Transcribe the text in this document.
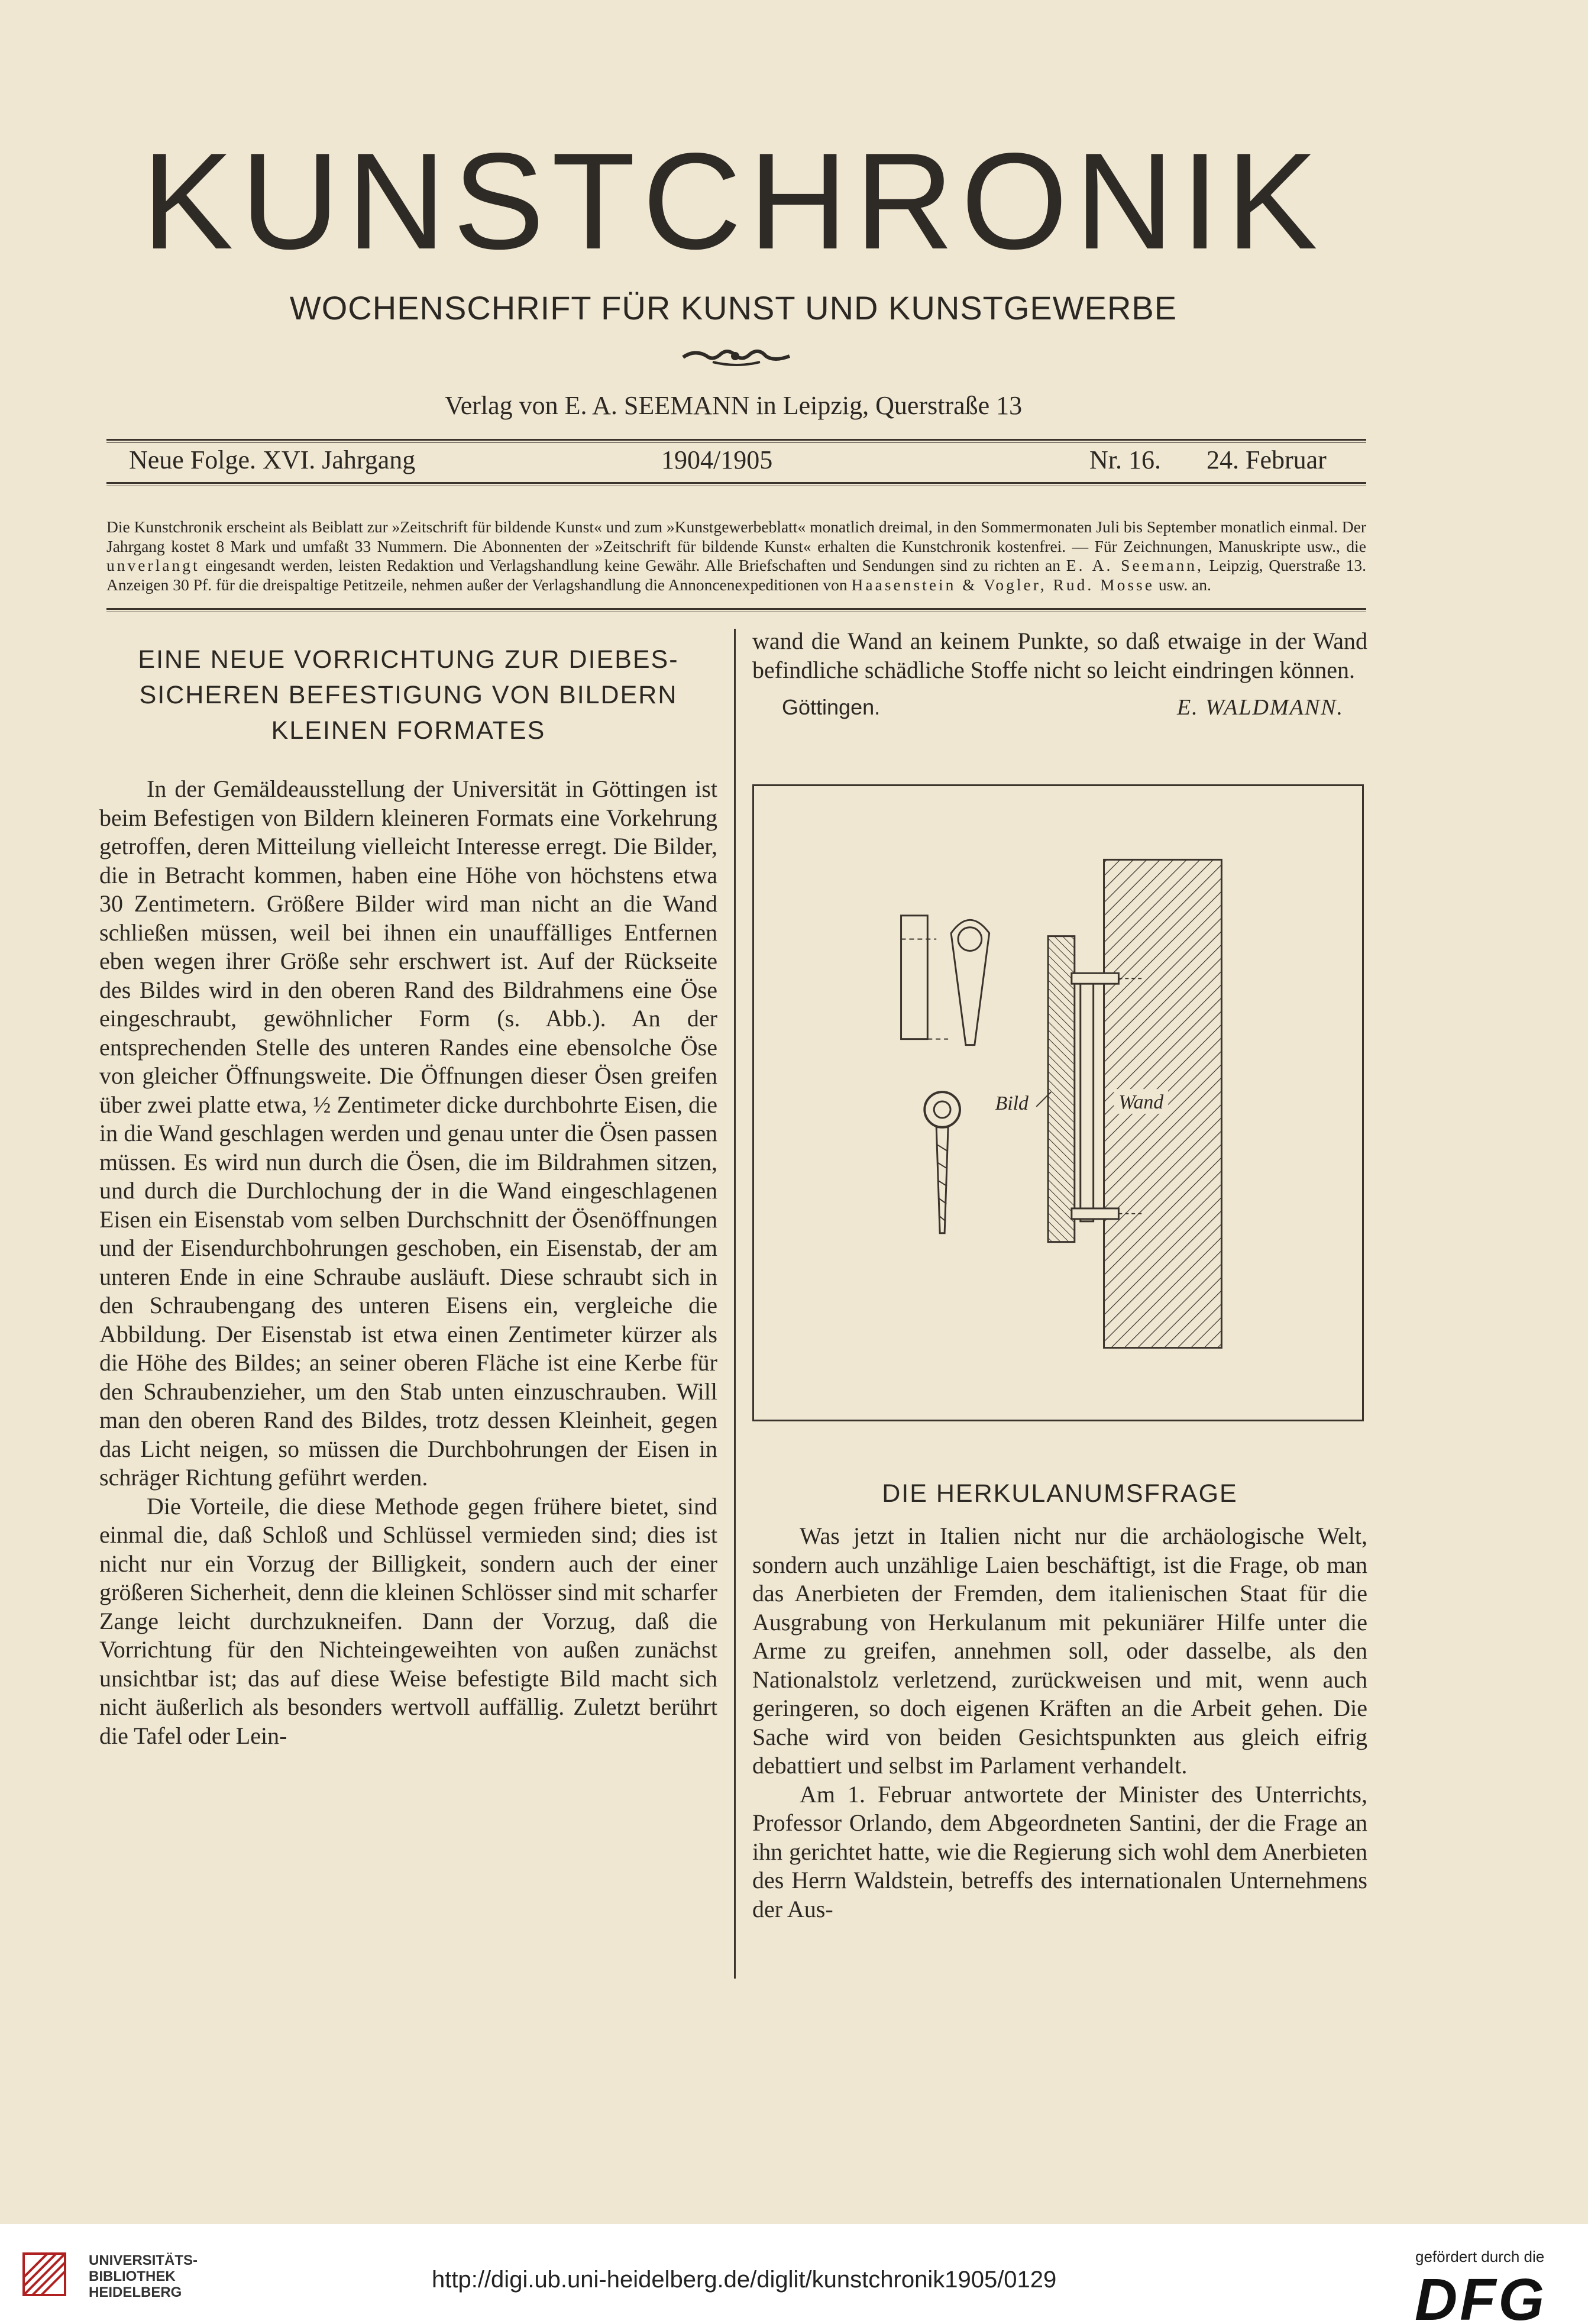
KUNSTCHRONIK
WOCHENSCHRIFT FÜR KUNST UND KUNSTGEWERBE
Verlag von E. A. SEEMANN in Leipzig, Querstraße 13
Neue Folge. XVI. Jahrgang	1904/1905	Nr. 16. 24. Februar
Die Kunstchronik erscheint als Beiblatt zur »Zeitschrift für bildende Kunst« und zum »Kunstgewerbeblatt« monatlich dreimal, in den Sommermonaten Juli bis September monatlich einmal. Der Jahrgang kostet 8 Mark und umfaßt 33 Nummern. Die Abonnenten der »Zeitschrift für bildende Kunst« erhalten die Kunstchronik kostenfrei. — Für Zeichnungen, Manuskripte usw., die unverlangt eingesandt werden, leisten Redaktion und Verlagshandlung keine Gewähr. Alle Briefschaften und Sendungen sind zu richten an E. A. Seemann, Leipzig, Querstraße 13. Anzeigen 30 Pf. für die dreispaltige Petitzeile, nehmen außer der Verlagshandlung die Annoncenexpeditionen von Haasenstein & Vogler, Rud. Mosse usw. an.
EINE NEUE VORRICHTUNG ZUR DIEBES-SICHEREN BEFESTIGUNG VON BILDERN KLEINEN FORMATES

In der Gemäldeausstellung der Universität in Göttingen ist beim Befestigen von Bildern kleineren Formats eine Vorkehrung getroffen, deren Mitteilung vielleicht Interesse erregt. Die Bilder, die in Betracht kommen, haben eine Höhe von höchstens etwa 30 Zentimetern. Größere Bilder wird man nicht an die Wand schließen müssen, weil bei ihnen ein unauffälliges Entfernen eben wegen ihrer Größe sehr erschwert ist. Auf der Rückseite des Bildes wird in den oberen Rand des Bildrahmens eine Öse eingeschraubt, gewöhnlicher Form (s. Abb.). An der entsprechenden Stelle des unteren Randes eine ebensolche Öse von gleicher Öffnungsweite. Die Öffnungen dieser Ösen greifen über zwei platte etwa, ½ Zentimeter dicke durchbohrte Eisen, die in die Wand geschlagen werden und genau unter die Ösen passen müssen. Es wird nun durch die Ösen, die im Bildrahmen sitzen, und durch die Durchlochung der in die Wand eingeschlagenen Eisen ein Eisenstab vom selben Durchschnitt der Ösenöffnungen und der Eisendurchbohrungen geschoben, ein Eisenstab, der am unteren Ende in eine Schraube ausläuft. Diese schraubt sich in den Schraubengang des unteren Eisens ein, vergleiche die Abbildung. Der Eisenstab ist etwa einen Zentimeter kürzer als die Höhe des Bildes; an seiner oberen Fläche ist eine Kerbe für den Schraubenzieher, um den Stab unten einzuschrauben. Will man den oberen Rand des Bildes, trotz dessen Kleinheit, gegen das Licht neigen, so müssen die Durchbohrungen der Eisen in schräger Richtung geführt werden.

Die Vorteile, die diese Methode gegen frühere bietet, sind einmal die, daß Schloß und Schlüssel vermieden sind; dies ist nicht nur ein Vorzug der Billigkeit, sondern auch der einer größeren Sicherheit, denn die kleinen Schlösser sind mit scharfer Zange leicht durchzukneifen. Dann der Vorzug, daß die Vorrichtung für den Nichteingeweihten von außen zunächst unsichtbar ist; das auf diese Weise befestigte Bild macht sich nicht äußerlich als besonders wertvoll auffällig. Zuletzt berührt die Tafel oder Lein-

wand die Wand an keinem Punkte, so daß etwaige in der Wand befindliche schädliche Stoffe nicht so leicht eindringen können.
Göttingen.	E. WALDMANN.
Bild	Wand
DIE HERKULANUMSFRAGE

Was jetzt in Italien nicht nur die archäologische Welt, sondern auch unzählige Laien beschäftigt, ist die Frage, ob man das Anerbieten der Fremden, dem italienischen Staat für die Ausgrabung von Herkulanum mit pekuniärer Hilfe unter die Arme zu greifen, annehmen soll, oder dasselbe, als den Nationalstolz verletzend, zurückweisen und mit, wenn auch geringeren, so doch eigenen Kräften an die Arbeit gehen. Die Sache wird von beiden Gesichtspunkten aus gleich eifrig debattiert und selbst im Parlament verhandelt.

Am 1. Februar antwortete der Minister des Unterrichts, Professor Orlando, dem Abgeordneten Santini, der die Frage an ihn gerichtet hatte, wie die Regierung sich wohl dem Anerbieten des Herrn Waldstein, betreffs des internationalen Unternehmens der Aus-

UNIVERSITÄTS-
BIBLIOTHEK
HEIDELBERG	http://digi.ub.uni-heidelberg.de/diglit/kunstchronik1905/0129
gefördert durch die
DFG
